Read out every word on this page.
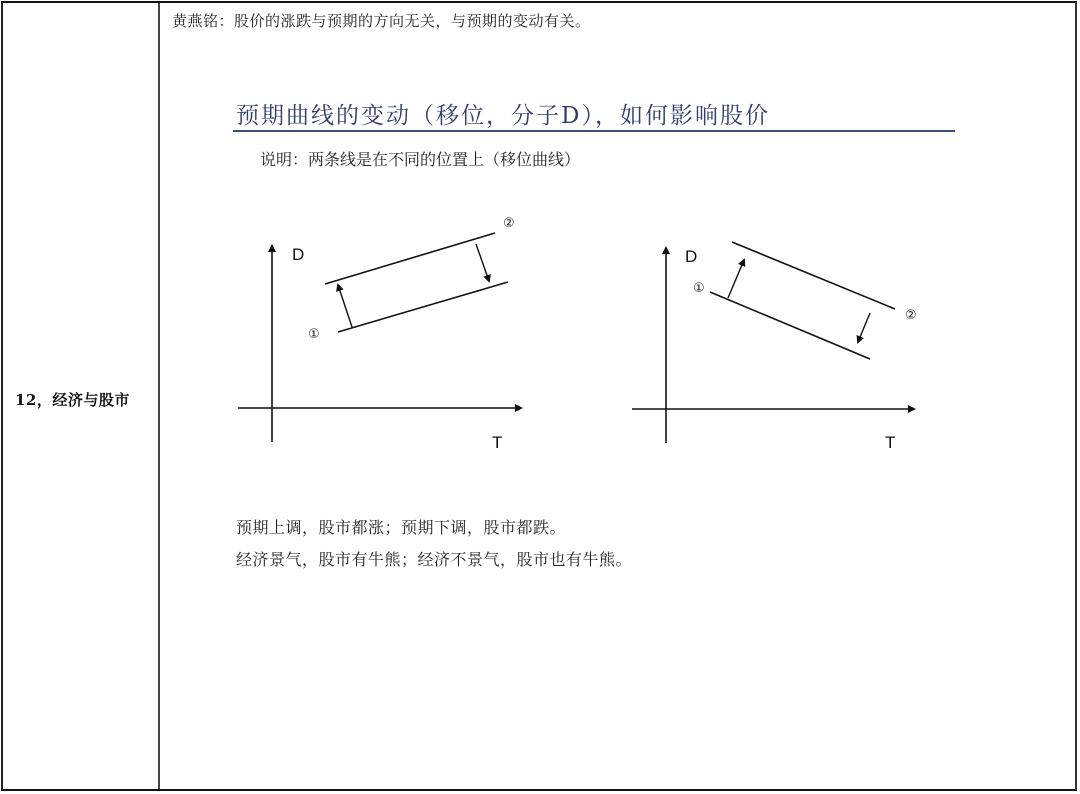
12，经济与股市
黄燕铭：股价的涨跌与预期的方向无关，与预期的变动有关。
预期曲线的变动（移位，分子D），如何影响股价
说明：两条线是在不同的位置上（移位曲线）
D
T
①
②
D
T
①
②
预期上调，股市都涨；预期下调，股市都跌。
经济景气，股市有牛熊；经济不景气，股市也有牛熊。
